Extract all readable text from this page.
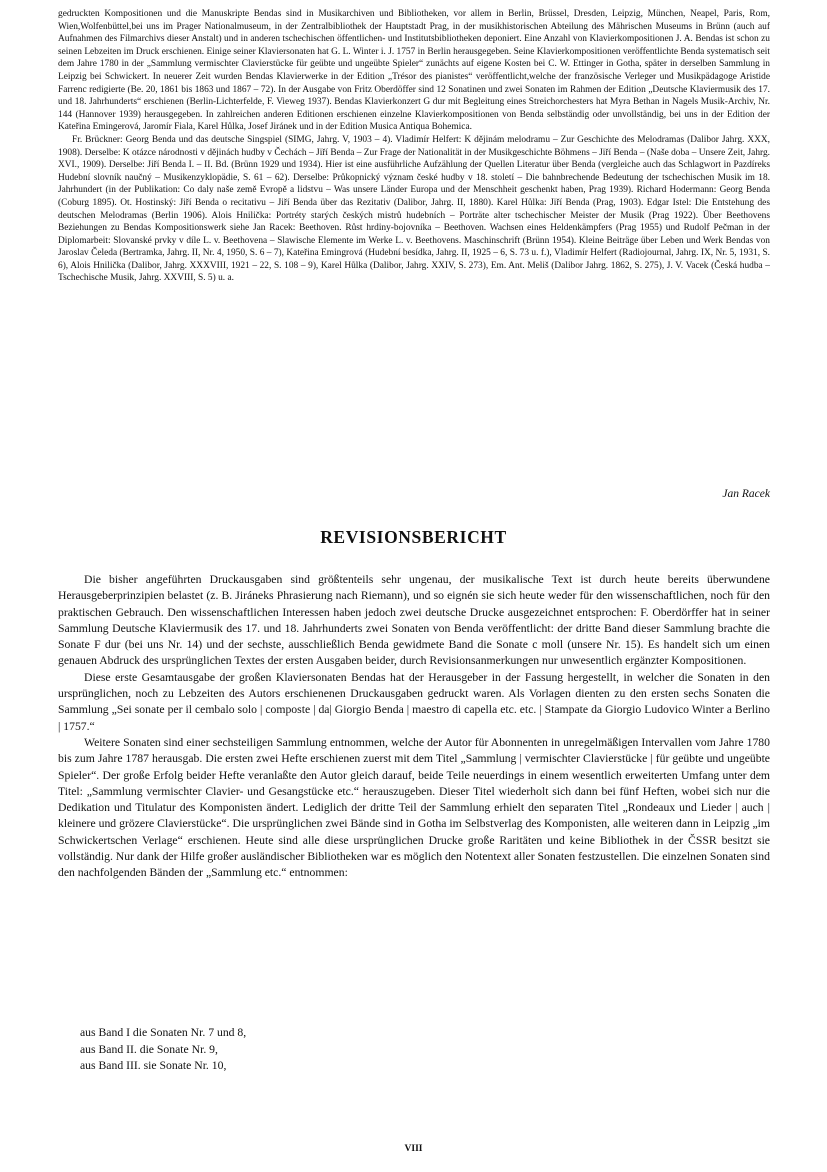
gedruckten Kompositionen und die Manuskripte Bendas sind in Musikarchiven und Bibliotheken, vor allem in Berlin, Brüssel, Dresden, Leipzig, München, Neapel, Paris, Rom, Wien,Wolfenbüttel,bei uns im Prager Nationalmuseum, in der Zentralbibliothek der Hauptstadt Prag, in der musikhistorischen Abteilung des Mährischen Museums in Brünn (auch auf Aufnahmen des Filmarchivs dieser Anstalt) und in anderen tschechischen öffentlichen- und Institutsbibliotheken deponiert. Eine Anzahl von Klavierkompositionen J. A. Bendas ist schon zu seinen Lebzeiten im Druck erschienen. Einige seiner Klaviersonaten hat G. L. Winter i. J. 1757 in Berlin herausgegeben. Seine Klavierkompositionen veröffentlichte Benda systematisch seit dem Jahre 1780 in der „Sammlung vermischter Clavierstücke für geübte und ungeübte Spieler“ zunächts auf eigene Kosten bei C. W. Ettinger in Gotha, später in derselben Sammlung in Leipzig bei Schwickert. In neuerer Zeit wurden Bendas Klavierwerke in der Edition „Trésor des pianistes“ veröffentlicht,welche der französische Verleger und Musikpädagoge Aristide Farrenc redigierte (Be. 20, 1861 bis 1863 und 1867 – 72). In der Ausgabe von Fritz Oberdöffer sind 12 Sonatinen und zwei Sonaten im Rahmen der Edition „Deutsche Klaviermusik des 17. und 18. Jahrhunderts“ erschienen (Berlin-Lichterfelde, F. Vieweg 1937). Bendas Klavierkonzert G dur mit Begleitung eines Streichorchesters hat Myra Bethan in Nagels Musik-Archiv, Nr. 144 (Hannover 1939) herausgegeben. In zahlreichen anderen Editionen erschienen einzelne Klavierkompositionen von Benda selbständig oder unvollständig, bei uns in der Edition der Kateřina Emingerová, Jaromír Fiala, Karel Hůlka, Josef Jiránek und in der Edition Musica Antiqua Bohemica.

Fr. Brückner: Georg Benda und das deutsche Singspiel (SIMG, Jahrg. V, 1903 – 4). Vladimír Helfert: K dějinám melodramu – Zur Geschichte des Melodramas (Dalibor Jahrg. XXX, 1908). Derselbe: K otázce národnosti v dějinách hudby v Čechách – Jiří Benda – Zur Frage der Nationalität in der Musikgeschichte Böhmens – Jiří Benda – (Naše doba – Unsere Zeit, Jahrg. XVI., 1909). Derselbe: Jiří Benda I. – II. Bd. (Brünn 1929 und 1934). Hier ist eine ausführliche Aufzählung der Quellen Literatur über Benda (vergleiche auch das Schlagwort in Pazdíreks Hudební slovník naučný – Musikenzyklopädie, S. 61 – 62). Derselbe: Průkopnický význam české hudby v 18. století – Die bahnbrechende Bedeutung der tschechischen Musik im 18. Jahrhundert (in der Publikation: Co daly naše země Evropě a lidstvu – Was unsere Länder Europa und der Menschheit geschenkt haben, Prag 1939). Richard Hodermann: Georg Benda (Coburg 1895). Ot. Hostinský: Jiří Benda o recitativu – Jiří Benda über das Rezitativ (Dalibor, Jahrg. II, 1880). Karel Hůlka: Jiří Benda (Prag, 1903). Edgar Istel: Die Entstehung des deutschen Melodramas (Berlin 1906). Alois Hnilička: Portréty starých českých mistrů hudebních – Porträte alter tschechischer Meister der Musik (Prag 1922). Über Beethovens Beziehungen zu Bendas Kompositionswerk siehe Jan Racek: Beethoven. Růst hrdiny-bojovníka – Beethoven. Wachsen eines Heldenkämpfers (Prag 1955) und Rudolf Pečman in der Diplomarbeit: Slovanské prvky v díle L. v. Beethovena – Slawische Elemente im Werke L. v. Beethovens. Maschinschrift (Brünn 1954). Kleine Beiträge über Leben und Werk Bendas von Jaroslav Čeleda (Bertramka, Jahrg. II, Nr. 4, 1950, S. 6 – 7), Kateřina Emingrová (Hudební besídka, Jahrg. II, 1925 – 6, S. 73 u. f.), Vladimír Helfert (Radiojournal, Jahrg. IX, Nr. 5, 1931, S. 6), Alois Hnilička (Dalibor, Jahrg. XXXVIII, 1921 – 22, S. 108 – 9), Karel Hůlka (Dalibor, Jahrg. XXIV, S. 273), Em. Ant. Meliš (Dalibor Jahrg. 1862, S. 275), J. V. Vacek (Česká hudba – Tschechische Musik, Jahrg. XXVIII, S. 5) u. a.

Jan Racek
REVISIONSBERICHT

Die bisher angeführten Druckausgaben sind größtenteils sehr ungenau, der musikalische Text ist durch heute bereits überwundene Herausgeberprinzipien belastet (z. B. Jiráneks Phrasierung nach Riemann), und so eignén sie sich heute weder für den wissenschaftlichen, noch für den praktischen Gebrauch. Den wissenschaftlichen Interessen haben jedoch zwei deutsche Drucke ausgezeichnet entsprochen: F. Oberdörffer hat in seiner Sammlung Deutsche Klaviermusik des 17. und 18. Jahrhunderts zwei Sonaten von Benda veröffentlicht: der dritte Band dieser Sammlung brachte die Sonate F dur (bei uns Nr. 14) und der sechste, ausschließlich Benda gewidmete Band die Sonate c moll (unsere Nr. 15). Es handelt sich um einen genauen Abdruck des ursprünglichen Textes der ersten Ausgaben beider, durch Revisionsanmerkungen nur unwesentlich ergänzter Kompositionen.

Diese erste Gesamtausgabe der großen Klaviersonaten Bendas hat der Herausgeber in der Fassung hergestellt, in welcher die Sonaten in den ursprünglichen, noch zu Lebzeiten des Autors erschienenen Druckausgaben gedruckt waren. Als Vorlagen dienten zu den ersten sechs Sonaten die Sammlung „Sei sonate per il cembalo solo | composte | da| Giorgio Benda | maestro di capella etc. etc. | Stampate da Giorgio Ludovico Winter a Berlino | 1757.“

Weitere Sonaten sind einer sechsteiligen Sammlung entnommen, welche der Autor für Abonnenten in unregelmäßigen Intervallen vom Jahre 1780 bis zum Jahre 1787 herausgab. Die ersten zwei Hefte erschienen zuerst mit dem Titel „Sammlung | vermischter Clavierstücke | für geübte und ungeübte Spieler“. Der große Erfolg beider Hefte veranlaßte den Autor gleich darauf, beide Teile neuerdings in einem wesentlich erweiterten Umfang unter dem Titel: „Sammlung vermischter Clavier- und Gesangstücke etc.“ herauszugeben. Dieser Titel wiederholt sich dann bei fünf Heften, wobei sich nur die Dedikation und Titulatur des Komponisten ändert. Lediglich der dritte Teil der Sammlung erhielt den separaten Titel „Rondeaux und Lieder | auch | kleinere und grözere Clavierstücke“. Die ursprünglichen zwei Bände sind in Gotha im Selbstverlag des Komponisten, alle weiteren dann in Leipzig „im Schwickertschen Verlage“ erschienen. Heute sind alle diese ursprünglichen Drucke große Raritäten und keine Bibliothek in der ČSSR besitzt sie vollständig. Nur dank der Hilfe großer ausländischer Bibliotheken war es möglich den Notentext aller Sonaten festzustellen. Die einzelnen Sonaten sind den nachfolgenden Bänden der „Sammlung etc.“ entnommen:

aus Band I die Sonaten Nr. 7 und 8,
aus Band II. die Sonate Nr. 9,
aus Band III. sie Sonate Nr. 10,
VIII
